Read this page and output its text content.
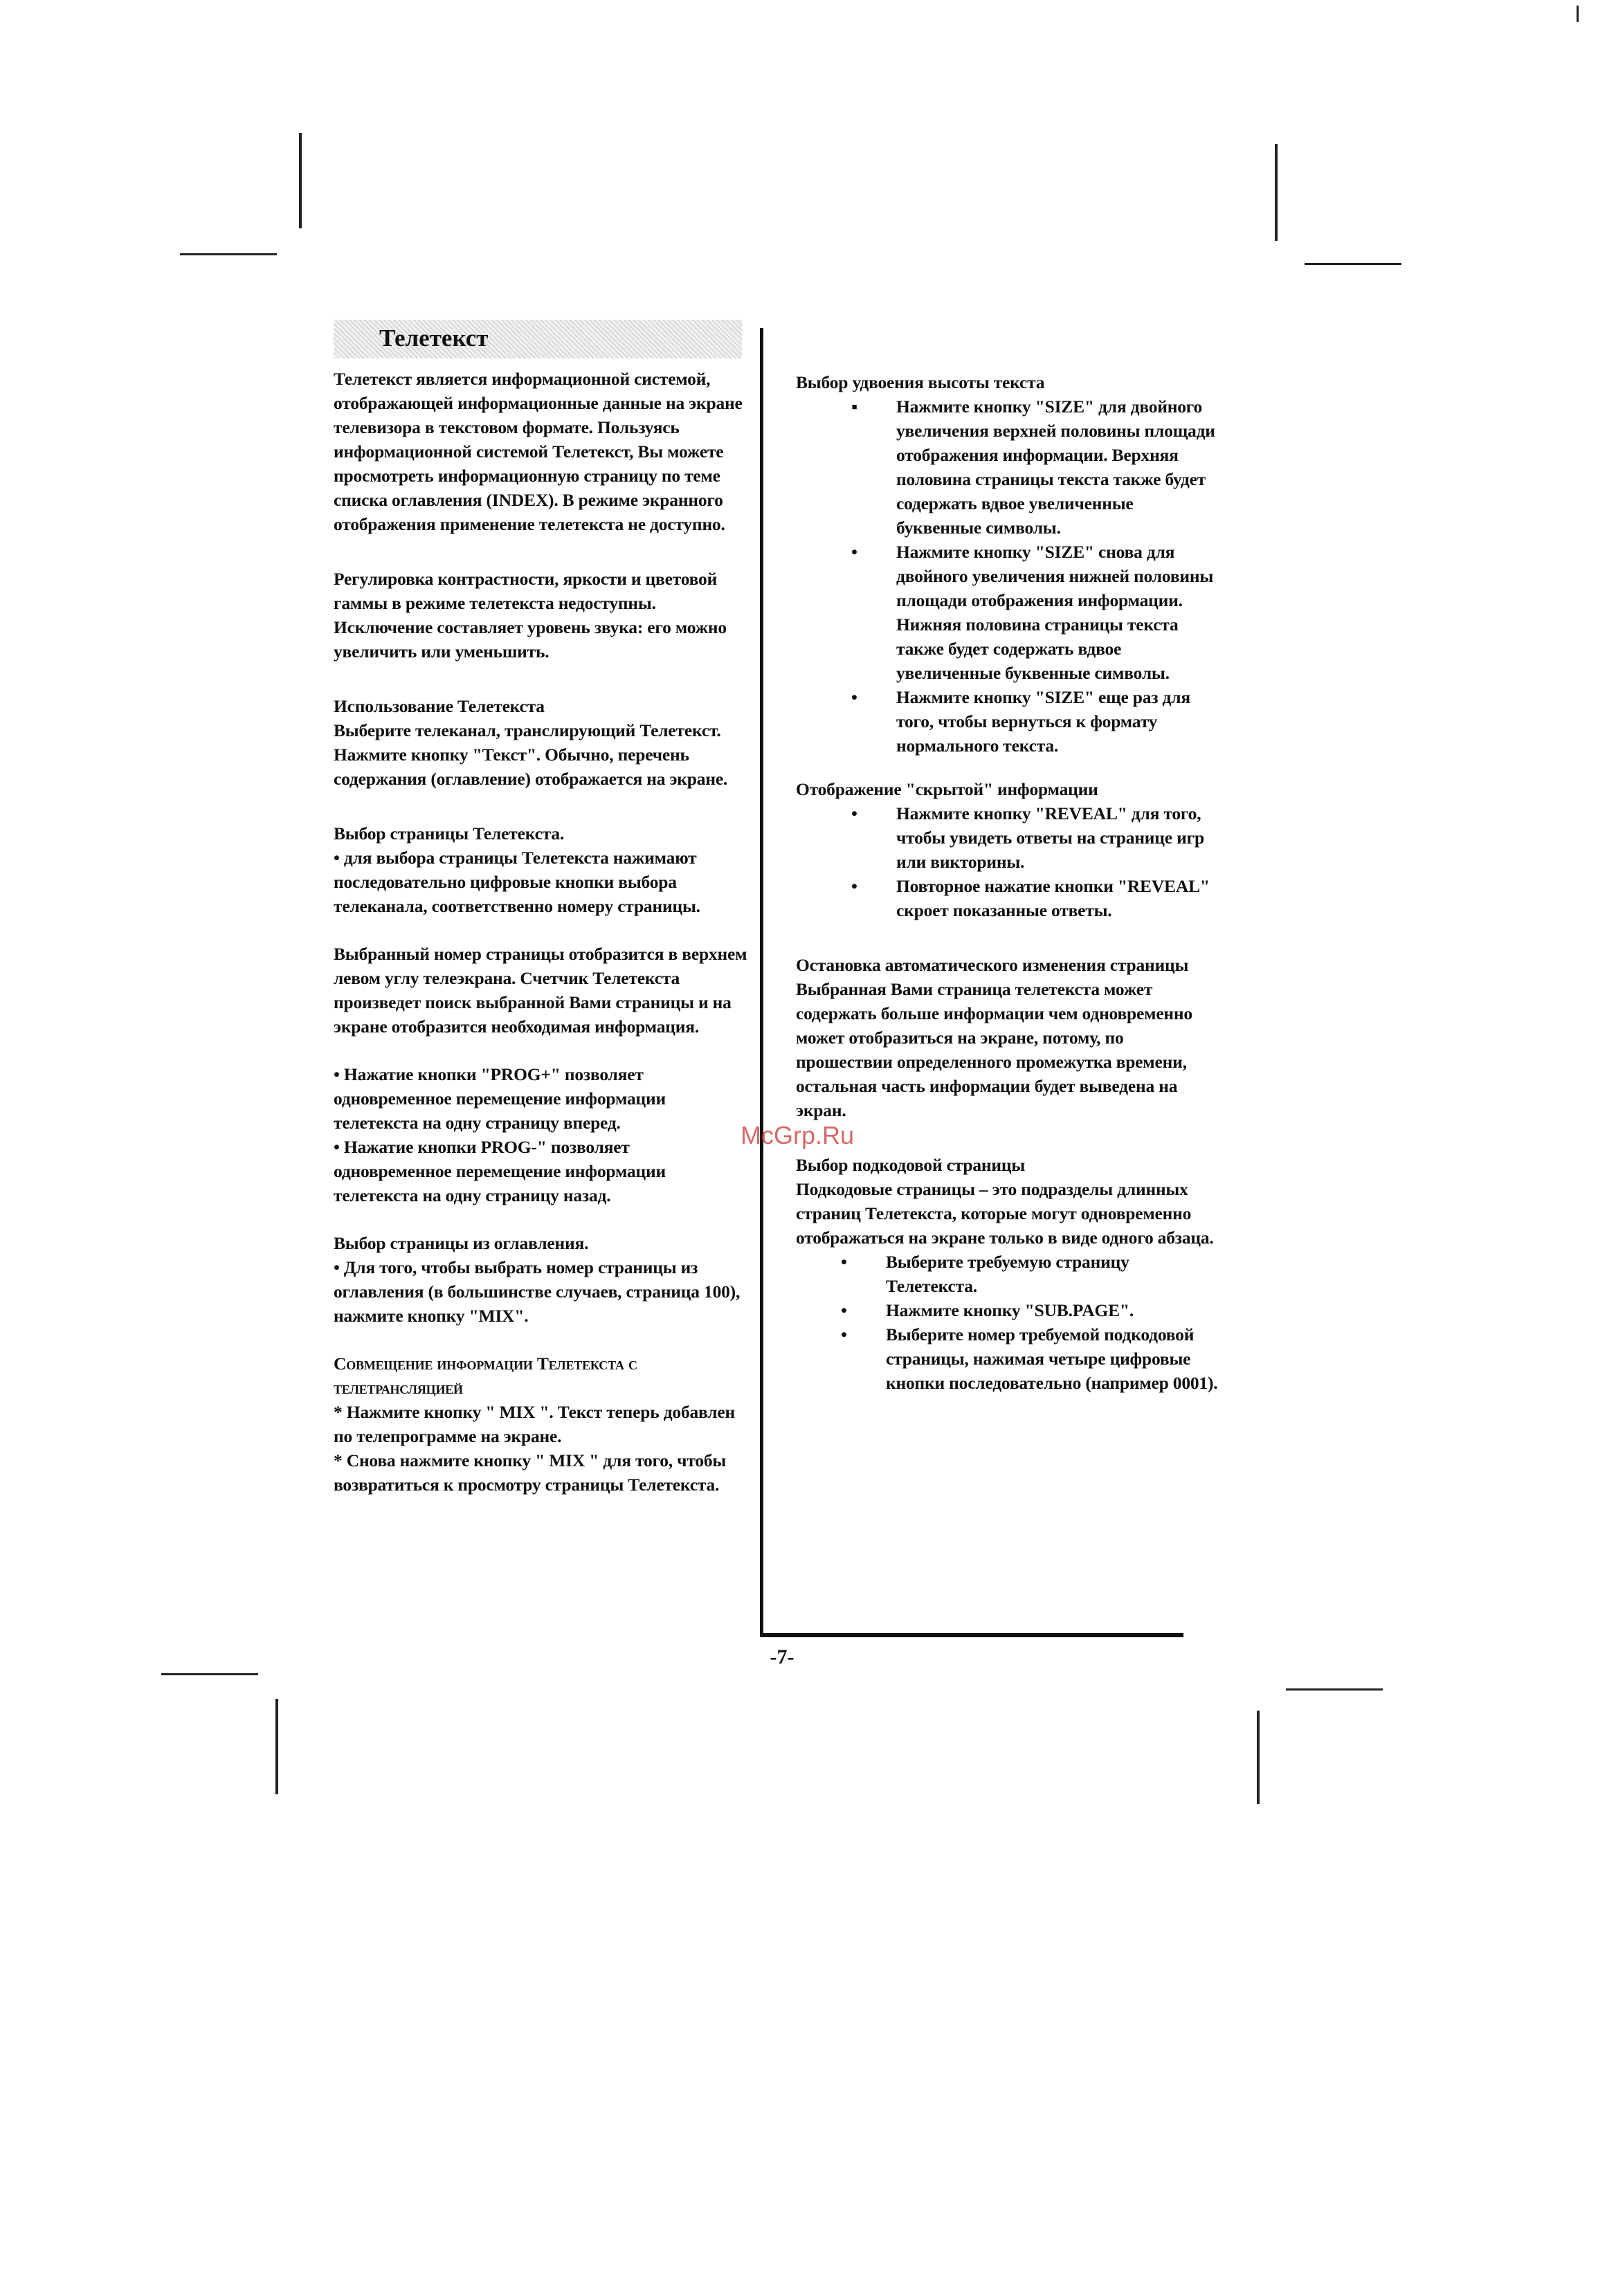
Телетекст

Телетекст является информационной системой, отображающей информационные данные на экране телевизора в текстовом формате. Пользуясь информационной системой Телетекст, Вы можете просмотреть информационную страницу по теме списка оглавления (INDEX). В режиме экранного отображения применение телетекста не доступно.

Регулировка контрастности, яркости и цветовой гаммы в режиме телетекста недоступны. Исключение составляет уровень звука: его можно увеличить или уменьшить.

Использование Телетекста

Выберите телеканал, транслирующий Телетекст. Нажмите кнопку "Текст". Обычно, перечень содержания (оглавление) отображается на экране.

Выбор страницы Телетекста.

• для выбора страницы Телетекста нажимают последовательно цифровые кнопки выбора телеканала, соответственно номеру страницы.

Выбранный номер страницы отобразится в верхнем левом углу телеэкрана. Счетчик Телетекста произведет поиск выбранной Вами страницы и на экране отобразится необходимая информация.

• Нажатие кнопки "PROG+" позволяет одновременное перемещение информации телетекста на одну страницу вперед.

• Нажатие кнопки PROG-" позволяет одновременное перемещение информации телетекста на одну страницу назад.

Выбор страницы из оглавления.

• Для того, чтобы выбрать номер страницы из оглавления (в большинстве случаев, страница 100), нажмите кнопку "MIX".

Совмещение информации Телетекста с телетрансляцией

* Нажмите кнопку " MIX ". Текст теперь добавлен по телепрограмме на экране.

* Снова нажмите кнопку " MIX " для того, чтобы возвратиться к просмотру страницы Телетекста.

Выбор удвоения высоты текста

▪ Нажмите кнопку "SIZE" для двойного увеличения верхней половины площади отображения информации. Верхняя половина страницы текста также будет содержать вдвое увеличенные буквенные символы.
• Нажмите кнопку "SIZE" снова для двойного увеличения нижней половины площади отображения информации. Нижняя половина страницы текста также будет содержать вдвое увеличенные буквенные символы.
• Нажмите кнопку "SIZE" еще раз для того, чтобы вернуться к формату нормального текста.

Отображение "скрытой" информации

• Нажмите кнопку "REVEAL" для того, чтобы увидеть ответы на странице игр или викторины.
• Повторное нажатие кнопки "REVEAL" скроет показанные ответы.

Остановка автоматического изменения страницы

Выбранная Вами страница телетекста может содержать больше информации чем одновременно может отобразиться на экране, потому, по прошествии определенного промежутка времени, остальная часть информации будет выведена на экран.

Выбор подкодовой страницы

Подкодовые страницы – это подразделы длинных страниц Телетекста, которые могут одновременно отображаться на экране только в виде одного абзаца.

• Выберите требуемую страницу Телетекста.
• Нажмите кнопку "SUB.PAGE".
• Выберите номер требуемой подкодовой страницы, нажимая четыре цифровые кнопки последовательно (например 0001).
McGrp.Ru
-7-
